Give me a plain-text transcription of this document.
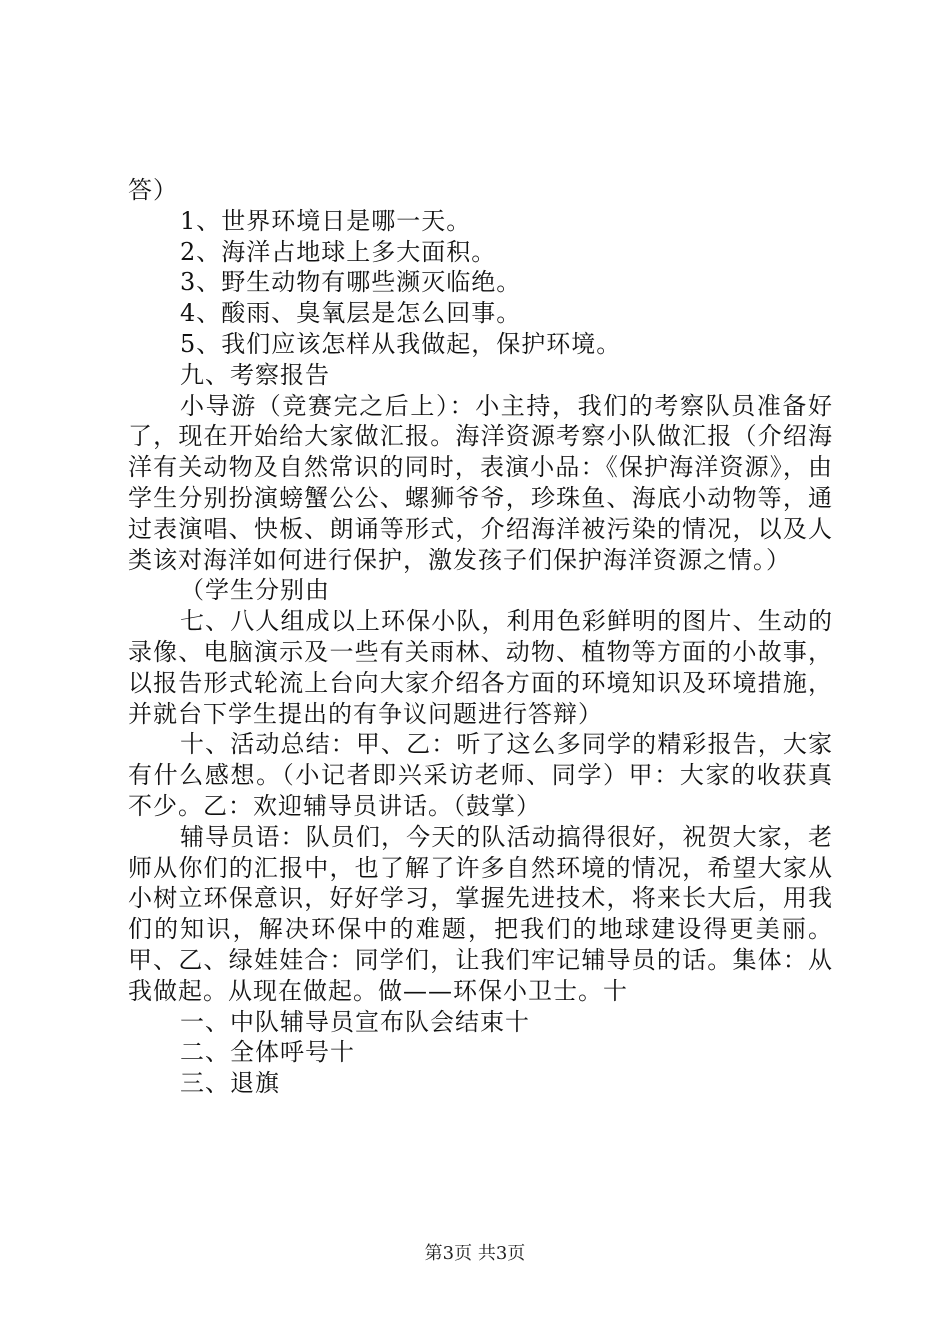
答）

1、世界环境日是哪一天。

2、海洋占地球上多大面积。

3、野生动物有哪些濒灭临绝。

4、酸雨、臭氧层是怎么回事。

5、我们应该怎样从我做起，保护环境。

九、考察报告

小导游（竞赛完之后上）：小主持，我们的考察队员准备好了，现在开始给大家做汇报。海洋资源考察小队做汇报（介绍海洋有关动物及自然常识的同时，表演小品：《保护海洋资源》，由学生分别扮演螃蟹公公、螺狮爷爷，珍珠鱼、海底小动物等，通过表演唱、快板、朗诵等形式，介绍海洋被污染的情况，以及人类该对海洋如何进行保护，激发孩子们保护海洋资源之情。）

（学生分别由

七、八人组成以上环保小队，利用色彩鲜明的图片、生动的录像、电脑演示及一些有关雨林、动物、植物等方面的小故事，以报告形式轮流上台向大家介绍各方面的环境知识及环境措施，并就台下学生提出的有争议问题进行答辩）

十、活动总结：甲、乙：听了这么多同学的精彩报告，大家有什么感想。（小记者即兴采访老师、同学）甲：大家的收获真不少。乙：欢迎辅导员讲话。（鼓掌）

辅导员语：队员们，今天的队活动搞得很好，祝贺大家，老师从你们的汇报中，也了解了许多自然环境的情况，希望大家从小树立环保意识，好好学习，掌握先进技术，将来长大后，用我们的知识，解决环保中的难题，把我们的地球建设得更美丽。甲、乙、绿娃娃合：同学们，让我们牢记辅导员的话。集体：从我做起。从现在做起。做——环保小卫士。十

一、中队辅导员宣布队会结束十

二、全体呼号十

三、退旗

第3页 共3页
